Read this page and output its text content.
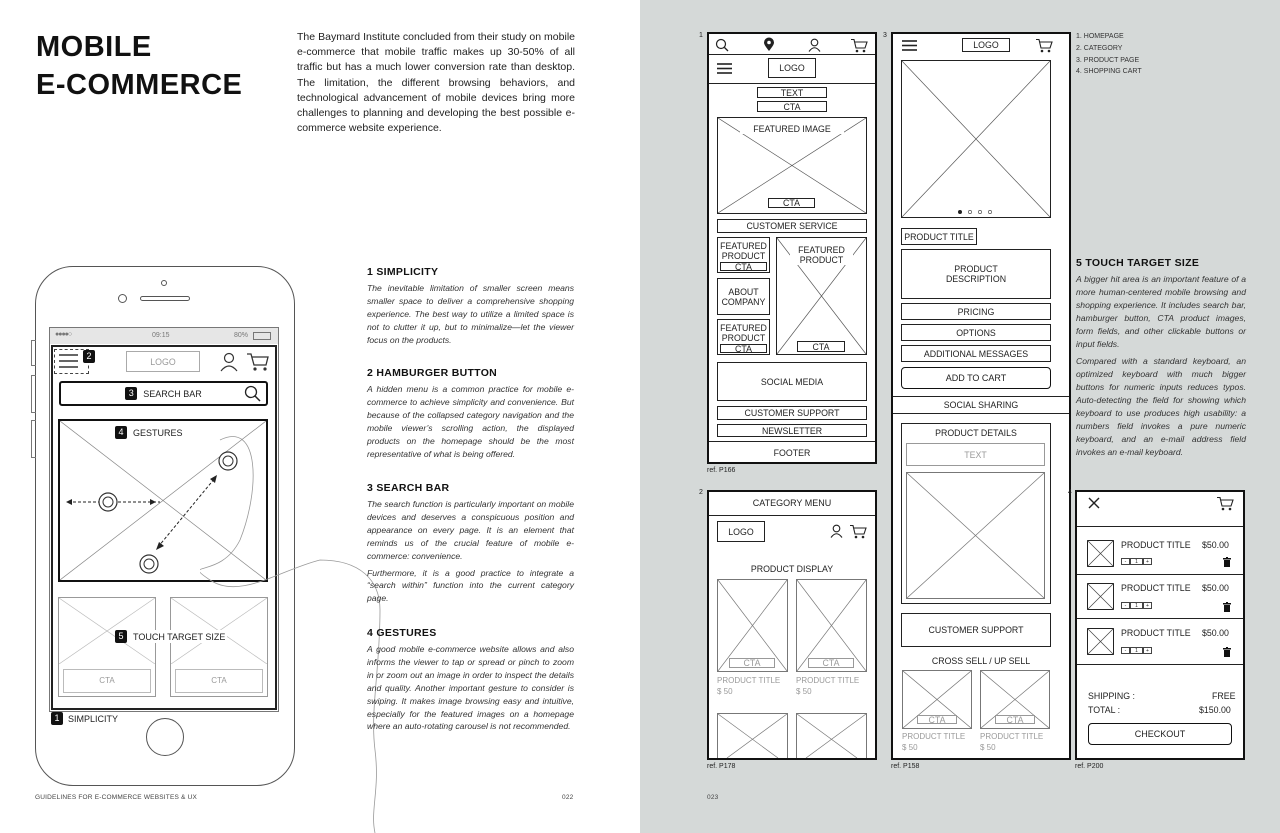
MOBILE
E-COMMERCE
The Baymard Institute concluded from their study on mobile e-commerce that mobile traffic makes up 30-50% of all traffic but has a much lower conversion rate than desktop. The limitation, the different browsing behaviors, and technological advancement of mobile devices bring more challenges to planning and developing the best possible e-commerce website experience.
●●●●○	09:15	80%
2
LOGO
3	SEARCH BAR
4	GESTURES
CTA	CTA
5	TOUCH TARGET SIZE
1 SIMPLICITY
1 SIMPLICITY
The inevitable limitation of smaller screen means smaller space to deliver a comprehensive shopping experience. The best way to utilize a limited space is not to clutter it up, but to minimalize—let the viewer focus on the products.
2 HAMBURGER BUTTON
A hidden menu is a common practice for mobile e-commerce to achieve simplicity and convenience. But because of the collapsed category navigation and the mobile viewer’s scrolling action, the displayed products on the homepage should be the most representative of what is being offered.
3 SEARCH BAR
The search function is particularly important on mobile devices and deserves a conspicuous position and appearance on every page. It is an element that reminds us of the crucial feature of mobile e-commerce: convenience.
Furthermore, it is a good practice to integrate a “search within” function into the current category page.
4 GESTURES
A good mobile e-commerce website allows and also informs the viewer to tap or spread or pinch to zoom in or zoom out an image in order to inspect the details and quality. Another important gesture to consider is swiping. It makes image browsing easy and intuitive, especially for the featured images on a homepage where an auto-rotating carousel is not recommended.
GUIDELINES FOR E-COMMERCE WEBSITES & UX	022
1. HOMEPAGE
2. CATEGORY
3. PRODUCT PAGE
4. SHOPPING CART
5 TOUCH TARGET SIZE
A bigger hit area is an important feature of a more human-centered mobile browsing and shopping experience. It includes search bar, hamburger button, CTA product images, form fields, and other clickable buttons or input fields.
Compared with a standard keyboard, an optimized keyboard with much bigger buttons for numeric inputs reduces typos. Auto-detecting the field for showing which keyboard to use produces high usability: a numbers field invokes a pure numeric keyboard, and an e-mail address field invokes an e-mail keyboard.
1
LOGO
TEXT
CTA
FEATURED IMAGE
CTA
CUSTOMER SERVICE
FEATURED PRODUCT
CTA
ABOUT COMPANY
FEATURED PRODUCT
CTA
FEATURED PRODUCT
CTA
SOCIAL MEDIA
CUSTOMER SUPPORT
NEWSLETTER
FOOTER
ref. P166
2
CATEGORY MENU
LOGO
PRODUCT DISPLAY
CTA	CTA
PRODUCT TITLE
$ 50
PRODUCT TITLE
$ 50
ref. P178
3
LOGO
PRODUCT TITLE
PRODUCT DESCRIPTION
PRICING
OPTIONS
ADDITIONAL MESSAGES
ADD TO CART
SOCIAL SHARING
PRODUCT DETAILS
TEXT
CUSTOMER SUPPORT
CROSS SELL / UP SELL
CTA	CTA
PRODUCT TITLE
$ 50
PRODUCT TITLE
$ 50
ref. P158
4
PRODUCT TITLE $50.00
-	1	+
PRODUCT TITLE $50.00
-	1	+
PRODUCT TITLE $50.00
-	1	+
SHIPPING :	FREE
TOTAL :	$150.00
CHECKOUT
ref. P200
023
